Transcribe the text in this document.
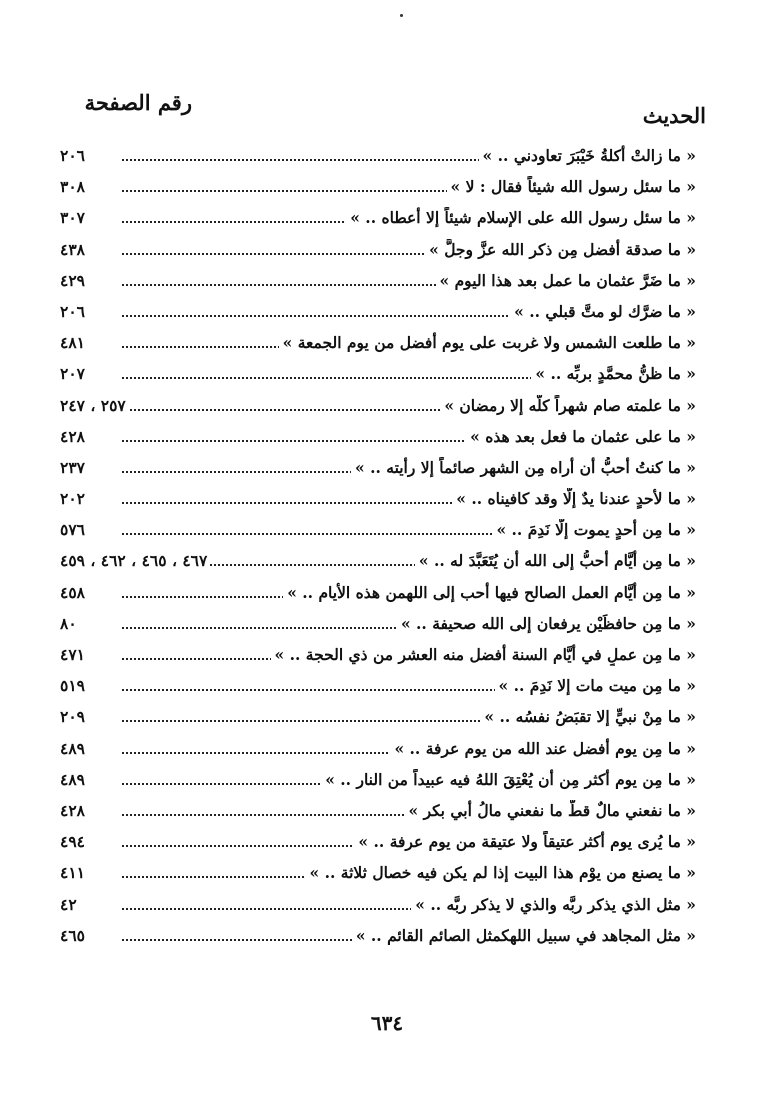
رقم الصفحة
الحديث
« ما زالتْ أُكلةُ خَيْبَرَ تعاودني .. »
٢٠٦
« ما سئل رسول الله شيئاً فقال : لا »
٣٠٨
« ما سئل رسول الله على الإسلام شيئاً إلا أعطاه .. »
٣٠٧
« ما صدقة أفضل مِن ذكر الله عزَّ وجلَّ »
٤٣٨
« ما ضَرَّ عثمان ما عمل بعد هذا اليوم »
٤٢٩
« ما ضرَّك لو متَّ قبلي .. »
٢٠٦
« ما طلعت الشمس ولا غربت على يوم أفضل من يوم الجمعة »
٤٨١
« ما ظنُّ محمَّدٍ بربِّه .. »
٢٠٧
« ما علمته صام شهراً كلَّه إلا رمضان »
٢٥٧ ، ٢٤٧
« ما على عثمان ما فعل بعد هذه »
٤٢٨
« ما كنتُ أحبُّ أن أراه مِن الشهر صائماً إلا رأيته .. »
٢٣٧
« ما لأحدٍ عندنا يدٌ إلَّا وقد كافيناه .. »
٢٠٢
« ما مِن أحدٍ يموت إلَّا نَدِمَ .. »
٥٧٦
« ما مِن أيَّام أحبُّ إلى الله أن يُتَعَبَّدَ له .. »
٤٦٧ ، ٤٦٥ ، ٤٦٢ ، ٤٥٩
« ما مِن أيَّام العمل الصالح فيها أحب إلى اللهمن هذه الأيام .. »
٤٥٨
« ما مِن حافظَيْن يرفعان إلى الله صحيفة .. »
٨٠
« ما مِن عملٍ في أيَّام السنة أفضل منه العشر من ذي الحجة .. »
٤٧١
« ما مِن ميت مات إلا نَدِمَ .. »
٥١٩
« ما مِنْ نبيٍّ إلا تقبَضُ نفسُه .. »
٢٠٩
« ما مِن يوم أفضل عند الله من يوم عرفة .. »
٤٨٩
« ما مِن يوم أكثر مِن أن يُعْتِقَ اللهُ فيه عبيداً من النار .. »
٤٨٩
« ما نفعني مالٌ قطُّ ما نفعني مالُ أبي بكر »
٤٢٨
« ما يُرى يوم أكثر عتيقاً ولا عتيقة من يوم عرفة .. »
٤٩٤
« ما يصنع من يوْم هذا البيت إذا لم يكن فيه خصال ثلاثة .. »
٤١١
« مثل الذي يذكر ربَّه والذي لا يذكر ربَّه .. »
٤٢
« مثل المجاهد في سبيل اللهكمثل الصائم القائم .. »
٤٦٥
٦٣٤
